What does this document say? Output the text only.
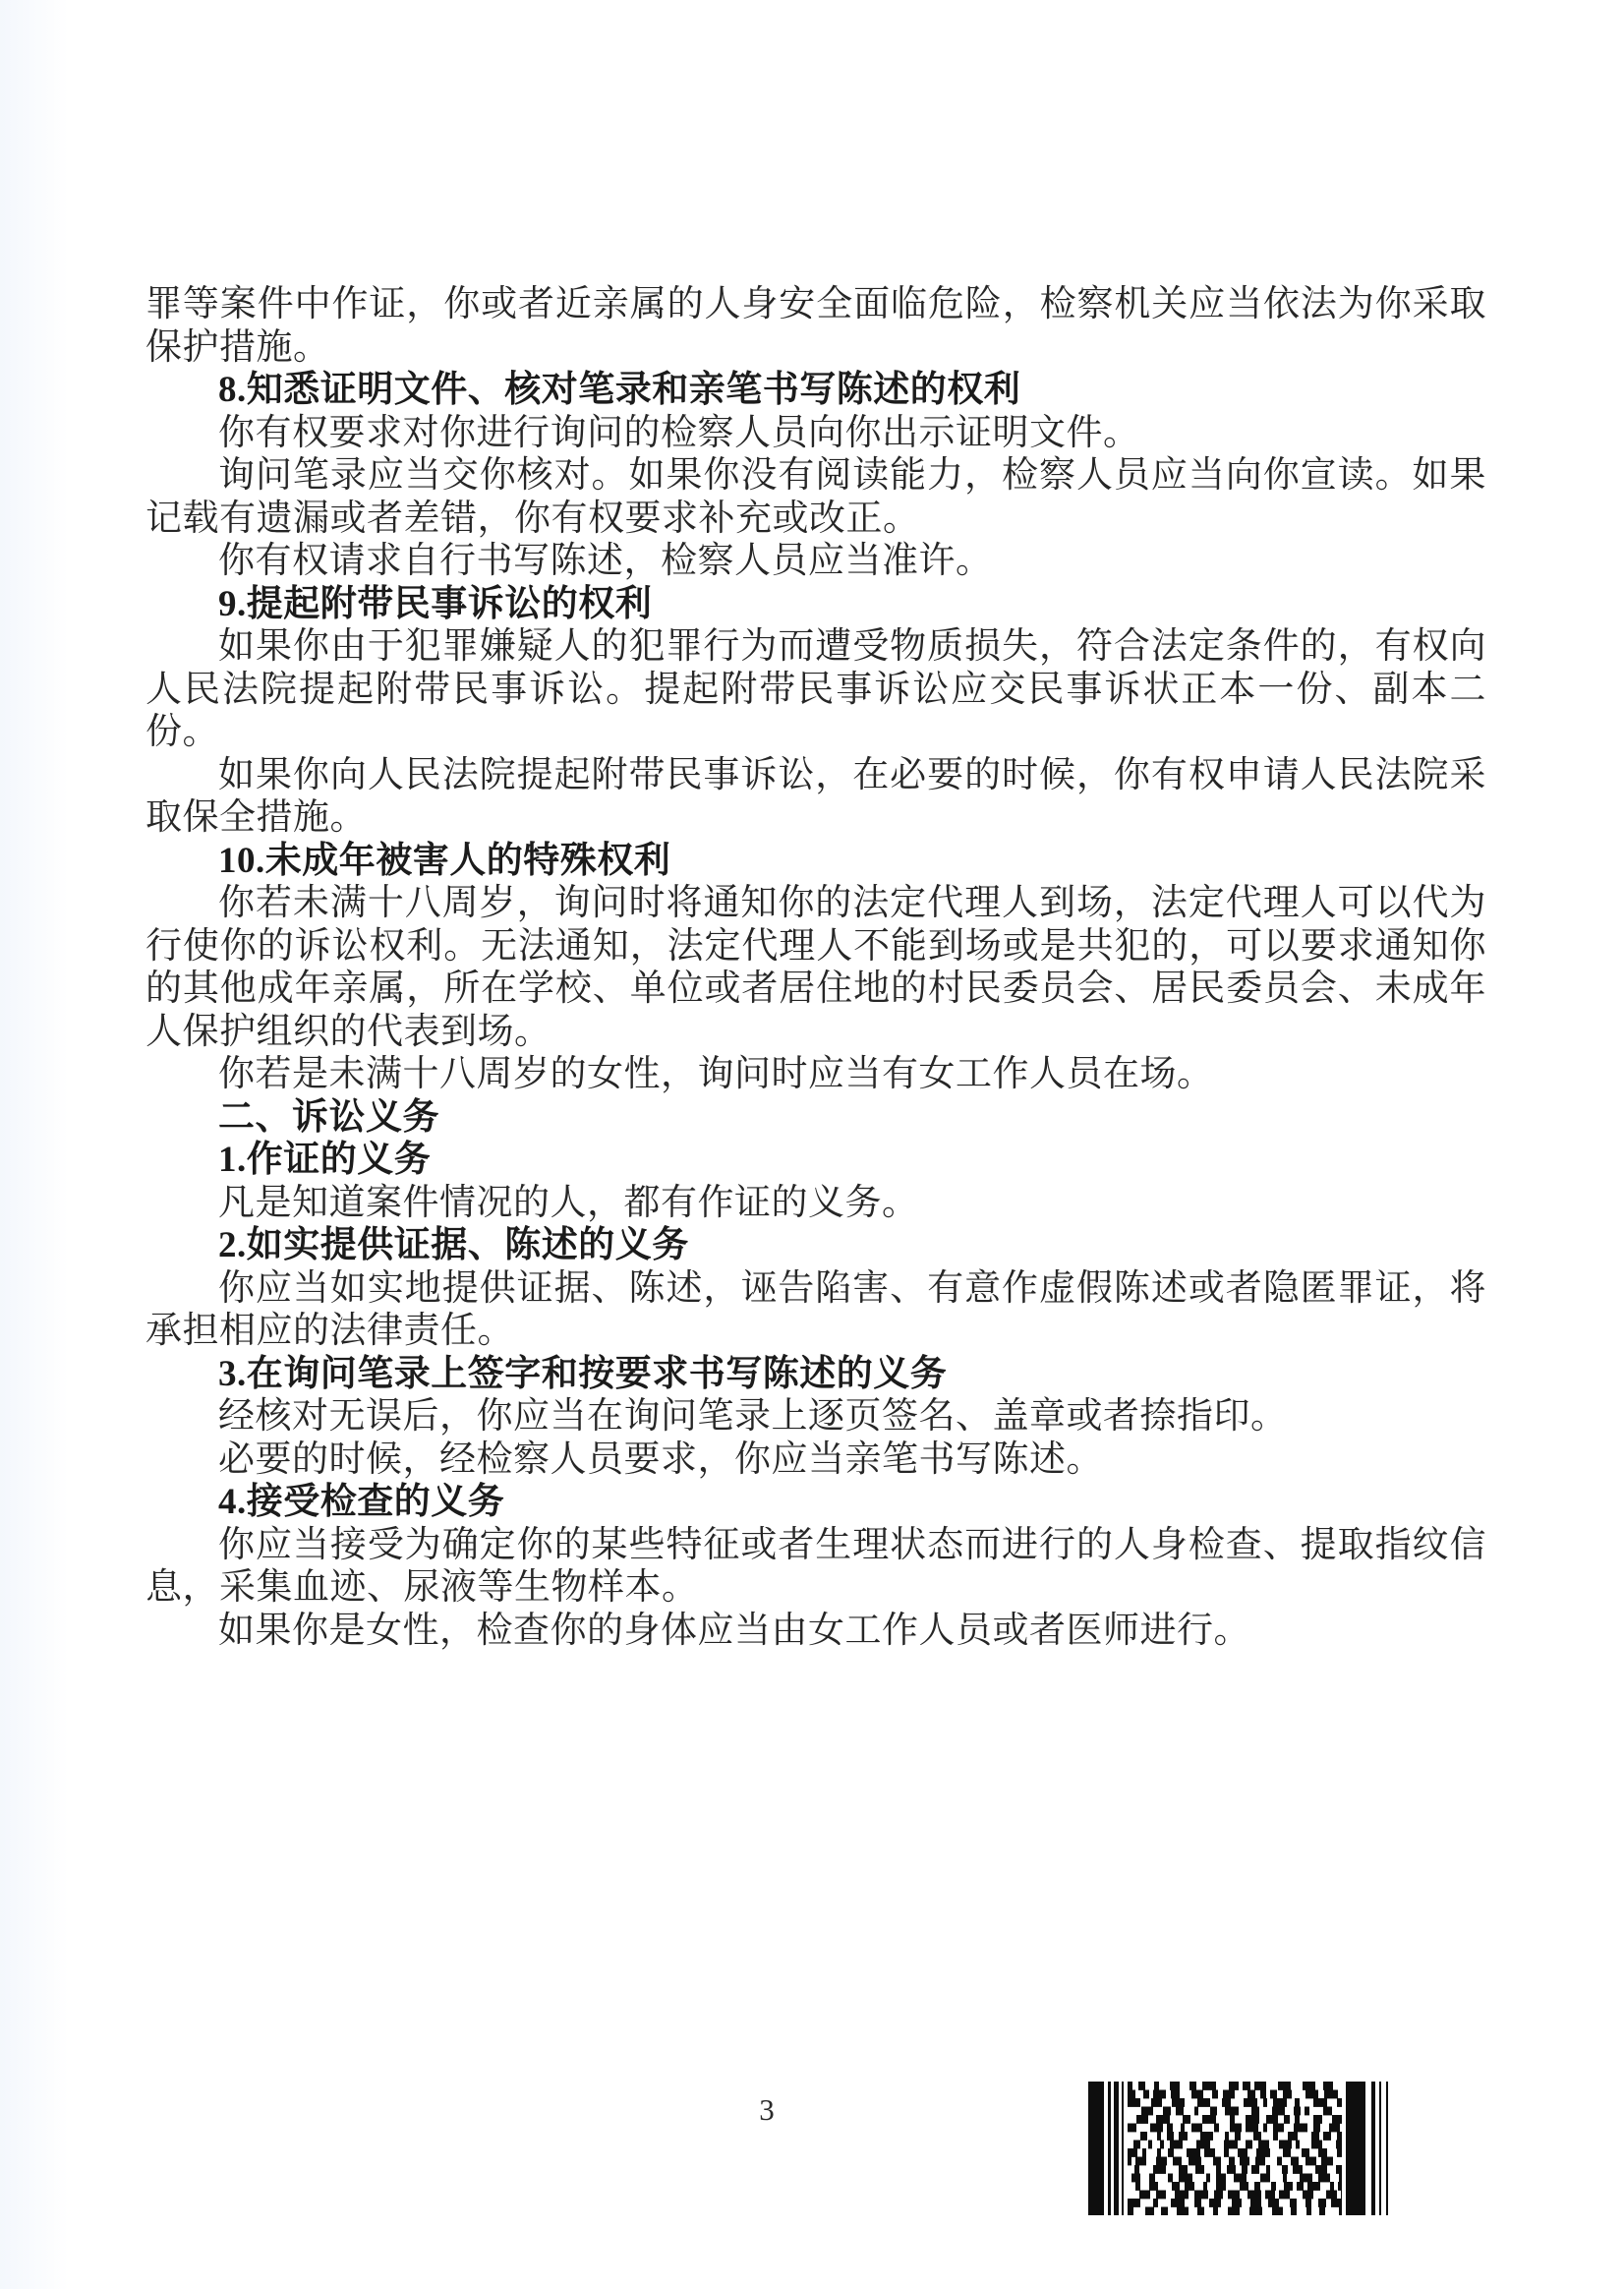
罪等案件中作证，你或者近亲属的人身安全面临危险，检察机关应当依法为你采取保护措施。

8.知悉证明文件、核对笔录和亲笔书写陈述的权利

你有权要求对你进行询问的检察人员向你出示证明文件。

询问笔录应当交你核对。如果你没有阅读能力，检察人员应当向你宣读。如果记载有遗漏或者差错，你有权要求补充或改正。

你有权请求自行书写陈述，检察人员应当准许。

9.提起附带民事诉讼的权利

如果你由于犯罪嫌疑人的犯罪行为而遭受物质损失，符合法定条件的，有权向人民法院提起附带民事诉讼。提起附带民事诉讼应交民事诉状正本一份、副本二份。

如果你向人民法院提起附带民事诉讼，在必要的时候，你有权申请人民法院采取保全措施。

10.未成年被害人的特殊权利

你若未满十八周岁，询问时将通知你的法定代理人到场，法定代理人可以代为行使你的诉讼权利。无法通知，法定代理人不能到场或是共犯的，可以要求通知你的其他成年亲属，所在学校、单位或者居住地的村民委员会、居民委员会、未成年人保护组织的代表到场。

你若是未满十八周岁的女性，询问时应当有女工作人员在场。

二、诉讼义务

1.作证的义务

凡是知道案件情况的人，都有作证的义务。

2.如实提供证据、陈述的义务

你应当如实地提供证据、陈述，诬告陷害、有意作虚假陈述或者隐匿罪证，将承担相应的法律责任。

3.在询问笔录上签字和按要求书写陈述的义务

经核对无误后，你应当在询问笔录上逐页签名、盖章或者捺指印。

必要的时候，经检察人员要求，你应当亲笔书写陈述。

4.接受检查的义务

你应当接受为确定你的某些特征或者生理状态而进行的人身检查、提取指纹信息，采集血迹、尿液等生物样本。

如果你是女性，检查你的身体应当由女工作人员或者医师进行。

3
